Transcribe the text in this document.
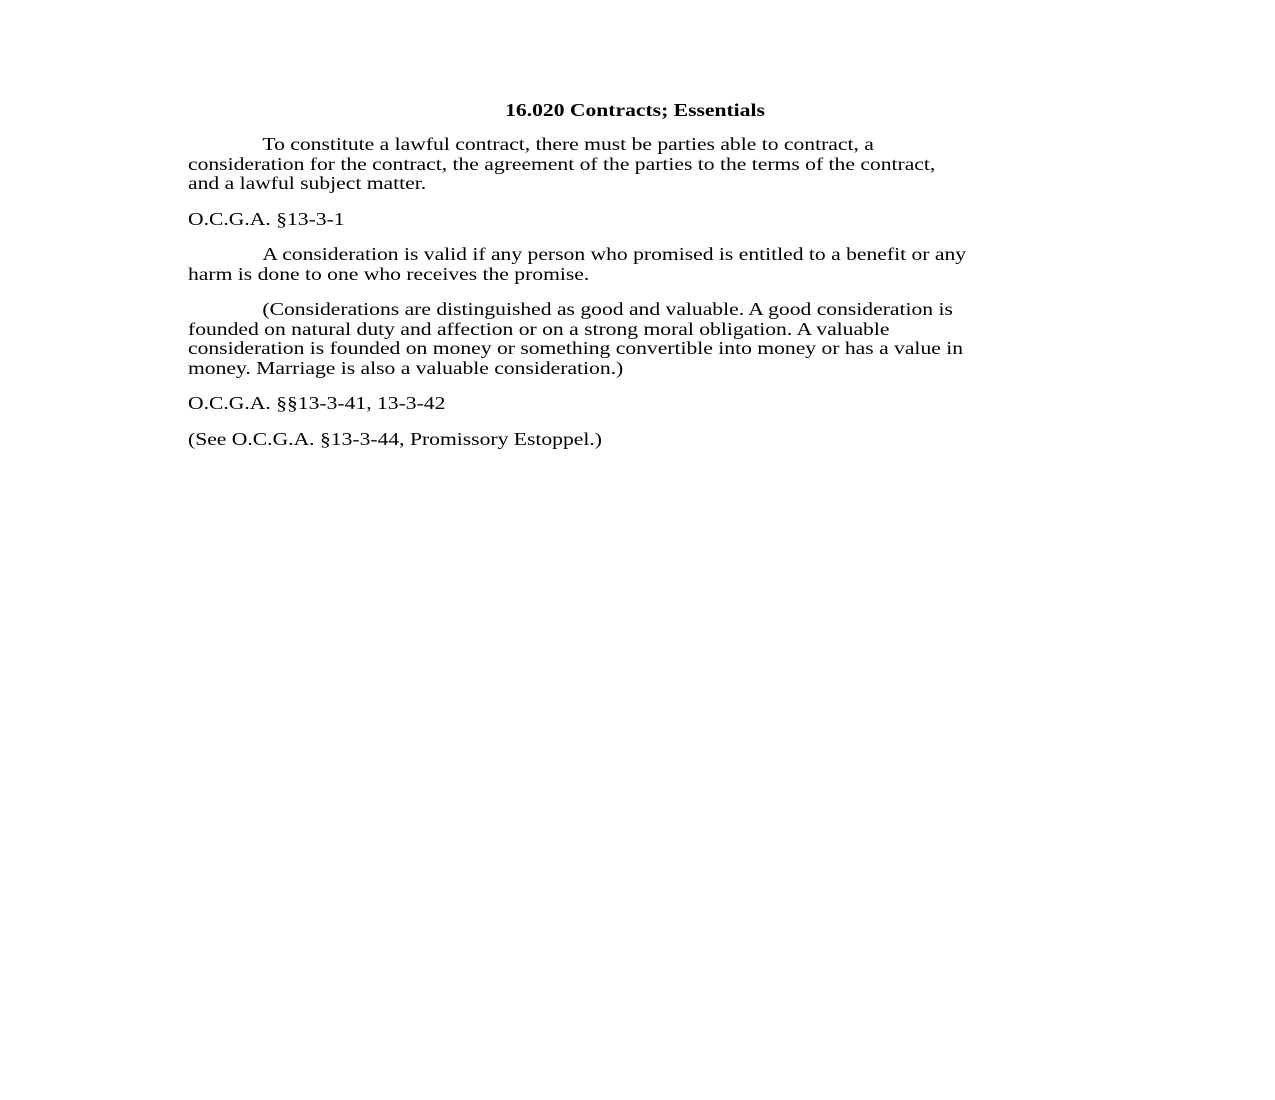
16.020 Contracts; Essentials

To constitute a lawful contract, there must be parties able to contract, a
consideration for the contract, the agreement of the parties to the terms of the contract,
and a lawful subject matter.

O.C.G.A. §13-3-1

A consideration is valid if any person who promised is entitled to a benefit or any
harm is done to one who receives the promise.

(Considerations are distinguished as good and valuable. A good consideration is
founded on natural duty and affection or on a strong moral obligation. A valuable
consideration is founded on money or something convertible into money or has a value in
money. Marriage is also a valuable consideration.)

O.C.G.A. §§13-3-41, 13-3-42

(See O.C.G.A. §13-3-44, Promissory Estoppel.)
